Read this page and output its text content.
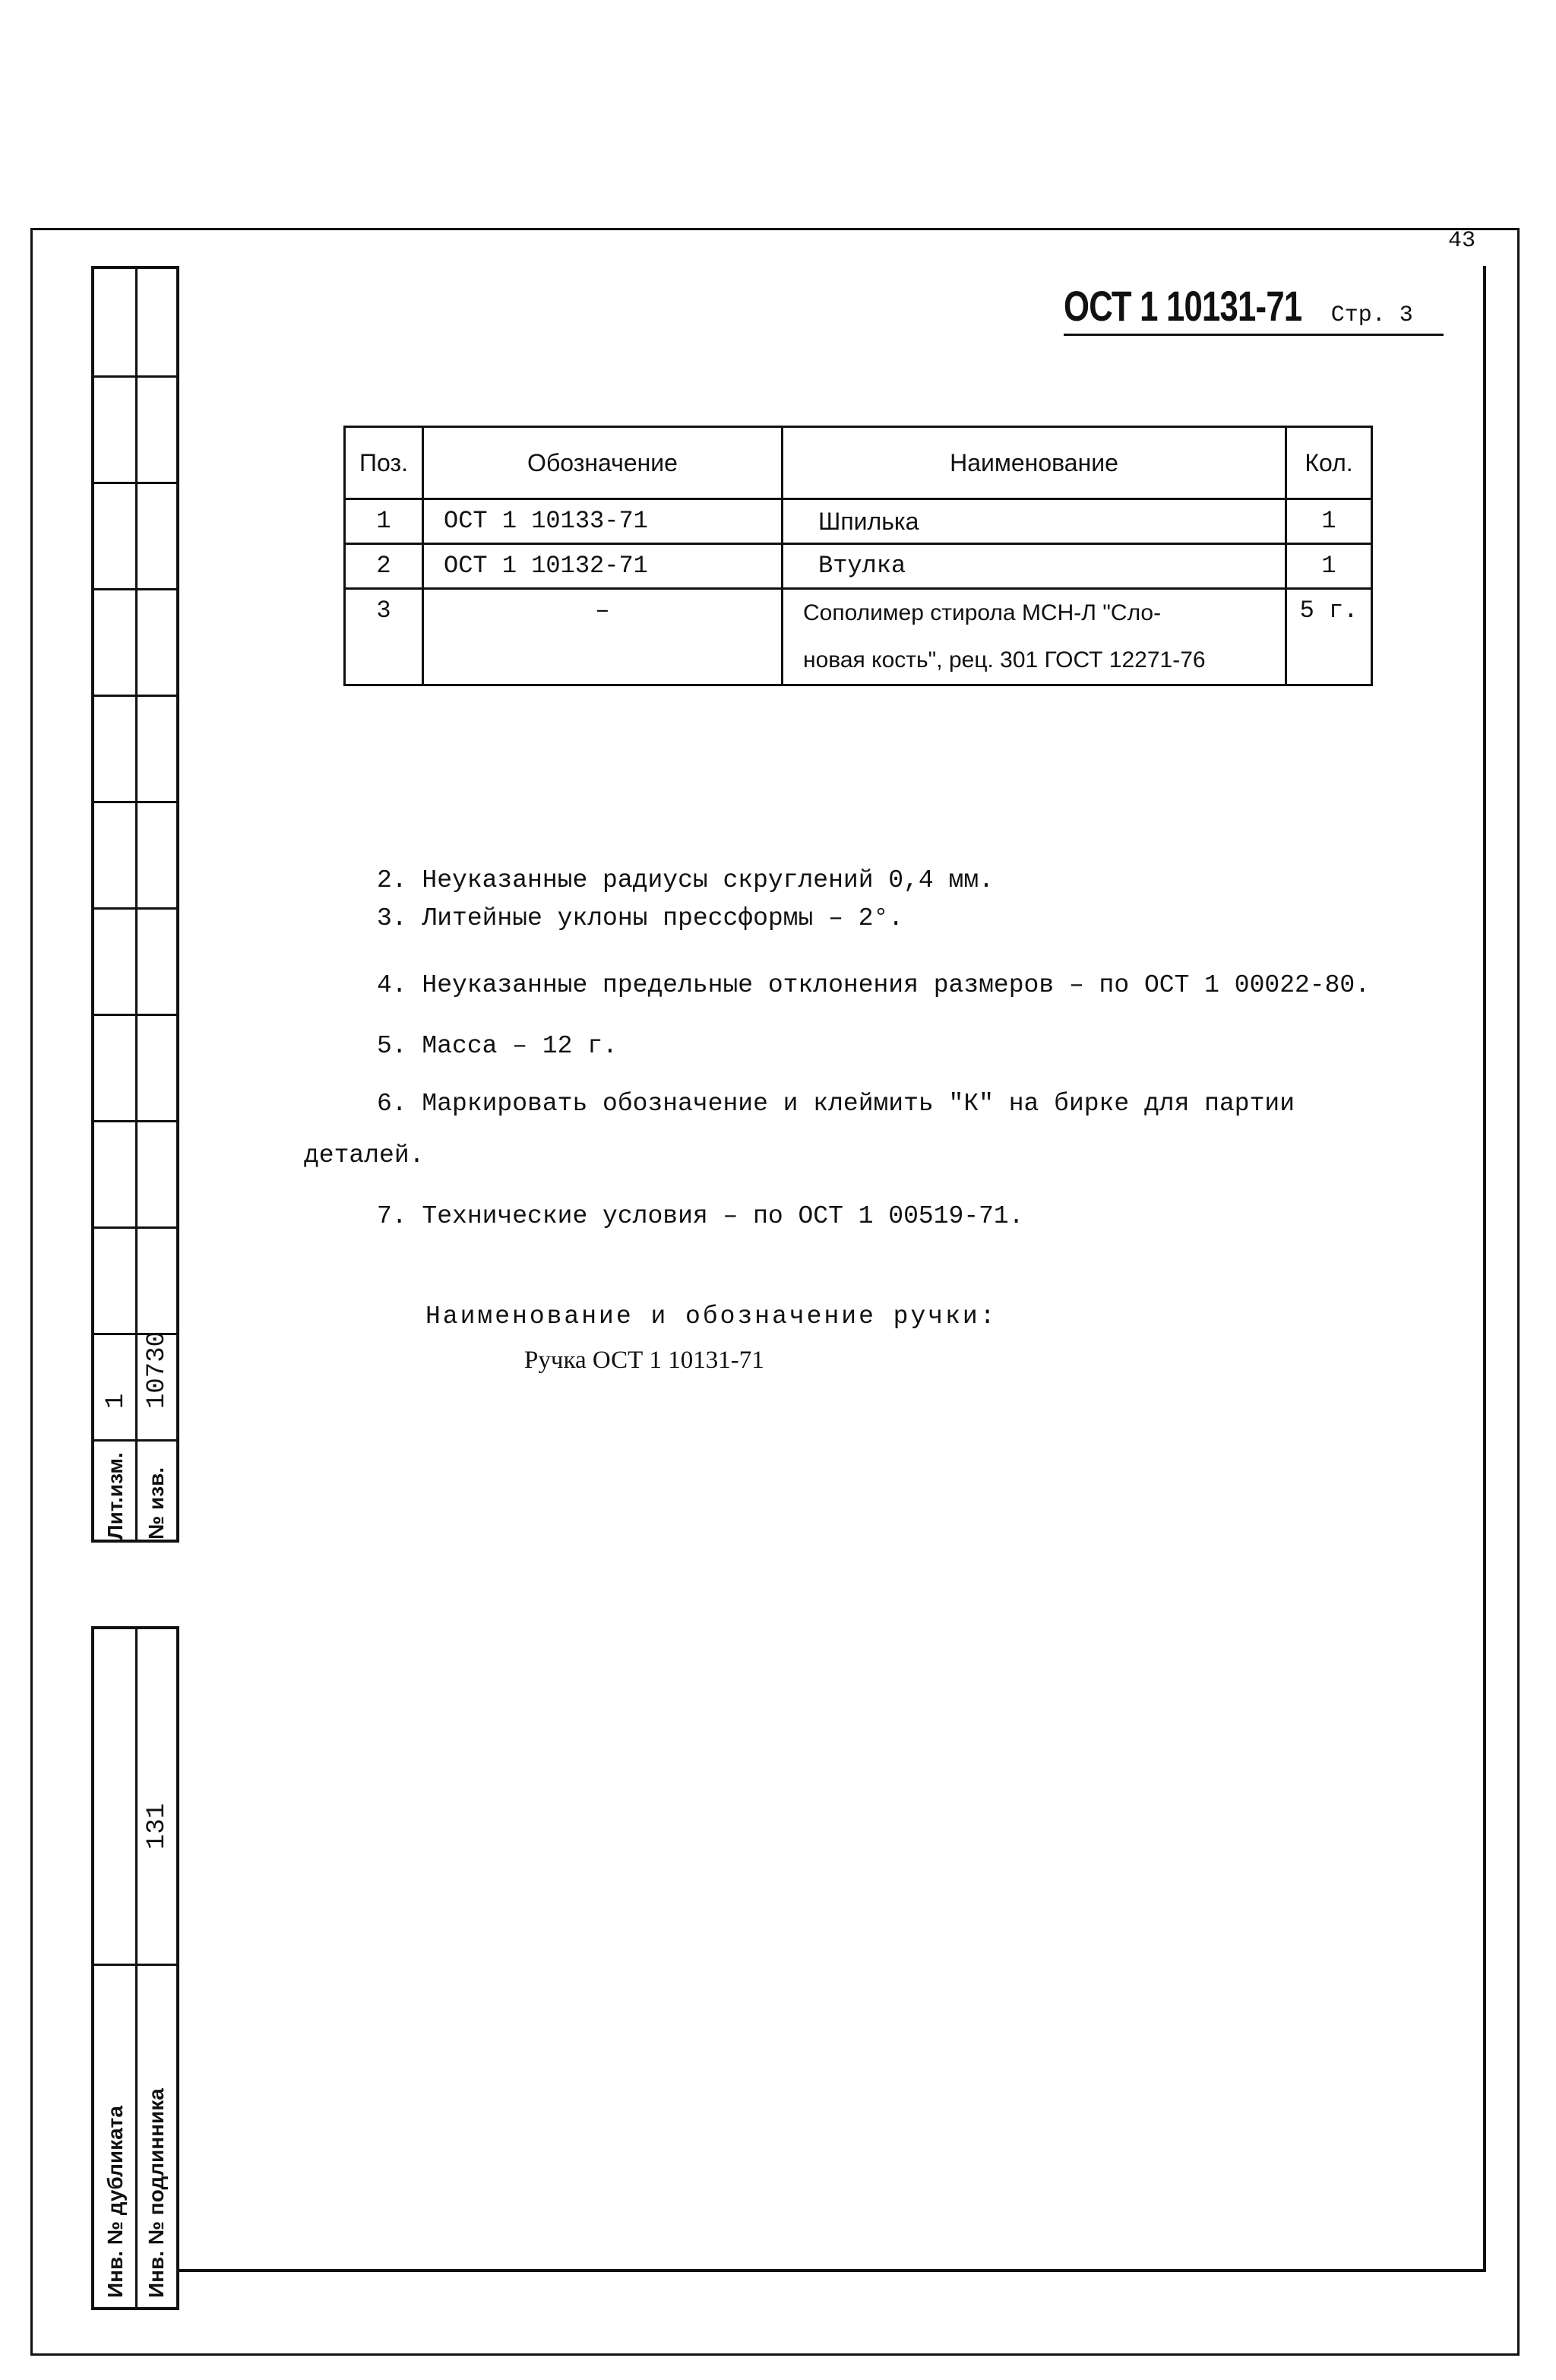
43
ОСТ 1 10131-71 Стр. 3
1 10730
Лит.изм. № изв.
131
Инв. № дубликата Инв. № подлинника
Поз.	Обозначение	Наименование	Кол.
1	ОСТ 1 10133-71	Шпилька	1
2	ОСТ 1 10132-71	Втулка	1
3	–	Сополимер стирола МСН-Л "Сло-
новая кость", рец. 301 ГОСТ 12271-76	5 г.

2. Неуказанные радиусы скруглений 0,4 мм.

3. Литейные уклоны прессформы – 2°.

4. Неуказанные предельные отклонения размеров – по ОСТ 1 00022-80.

5. Масса – 12 г.

6. Маркировать обозначение и клеймить "К" на бирке для партии

деталей.

7. Технические условия – по ОСТ 1 00519-71.

Наименование и обозначение ручки:

Ручка ОСТ 1 10131-71
